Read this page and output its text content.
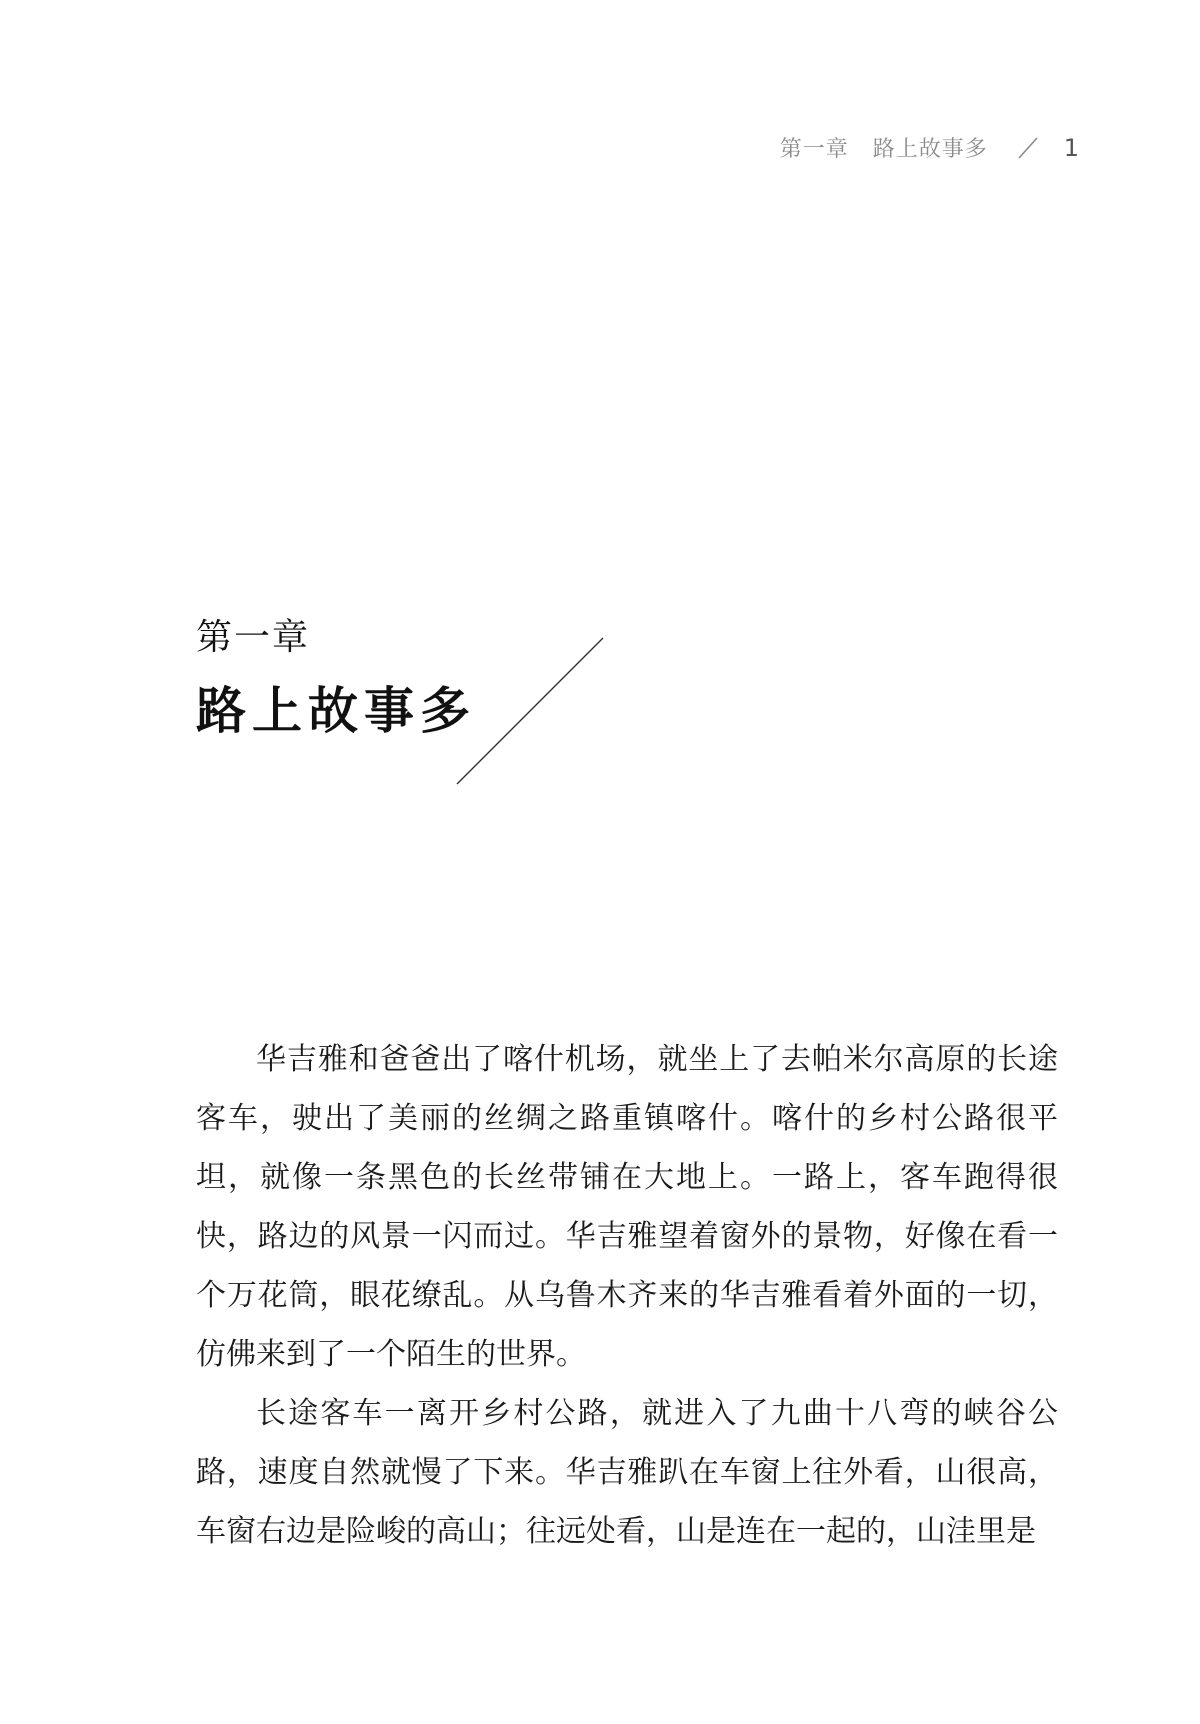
第一章 路上故事多	1
第一章
路上故事多

华吉雅和爸爸出了喀什机场，就坐上了去帕米尔高原的长途客车，驶出了美丽的丝绸之路重镇喀什。喀什的乡村公路很平坦，就像一条黑色的长丝带铺在大地上。一路上，客车跑得很快，路边的风景一闪而过。华吉雅望着窗外的景物，好像在看一个万花筒，眼花缭乱。从乌鲁木齐来的华吉雅看着外面的一切，仿佛来到了一个陌生的世界。

长途客车一离开乡村公路，就进入了九曲十八弯的峡谷公路，速度自然就慢了下来。华吉雅趴在车窗上往外看，山很高，车窗右边是险峻的高山；往远处看，山是连在一起的，山洼里是
